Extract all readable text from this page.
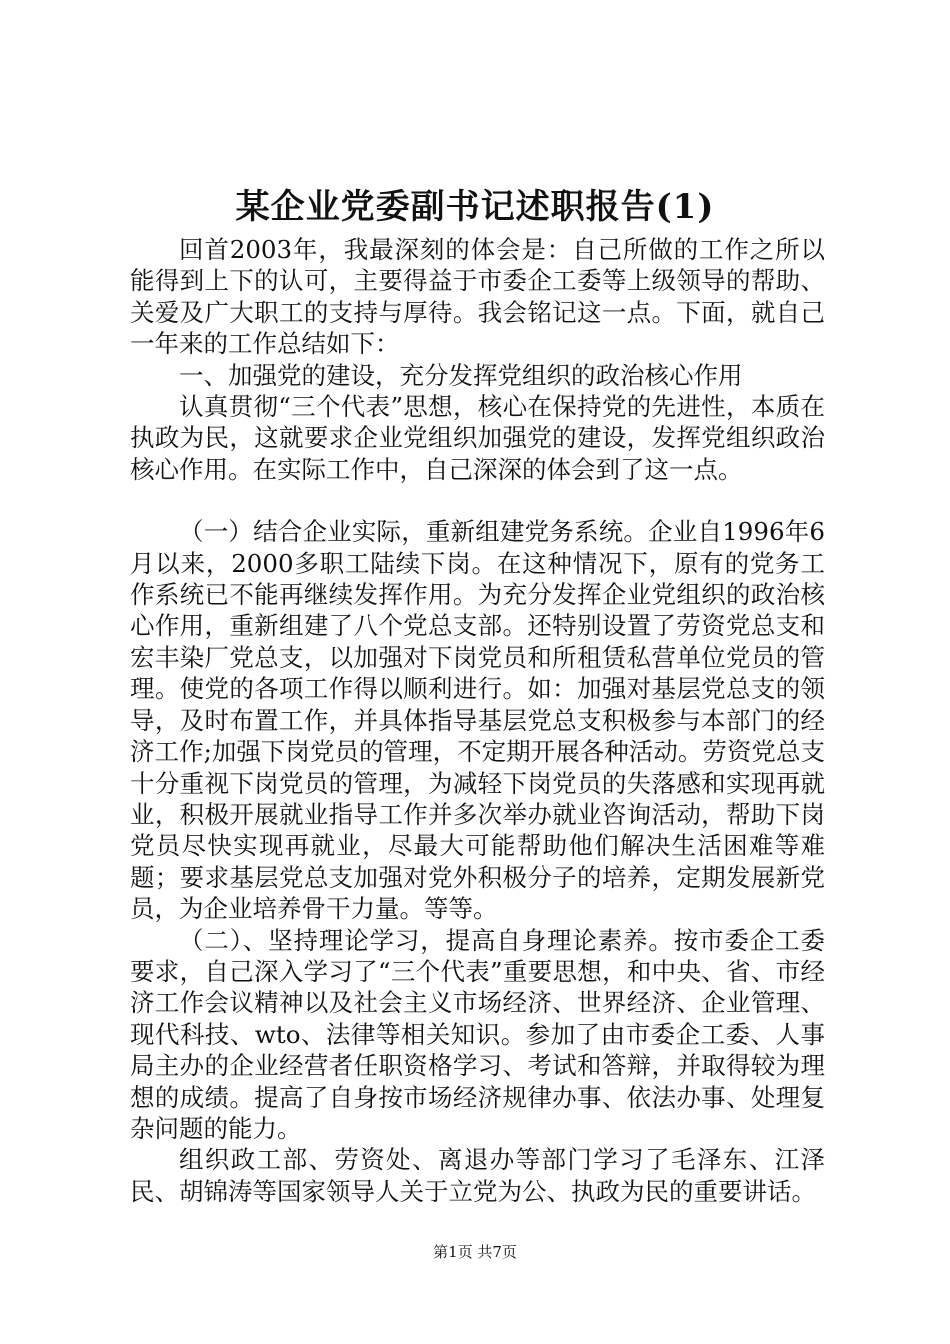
某企业党委副书记述职报告(1)

回首2003年，我最深刻的体会是：自己所做的工作之所以能得到上下的认可，主要得益于市委企工委等上级领导的帮助、关爱及广大职工的支持与厚待。我会铭记这一点。下面，就自己一年来的工作总结如下：

一、加强党的建设，充分发挥党组织的政治核心作用

认真贯彻“三个代表”思想，核心在保持党的先进性，本质在执政为民，这就要求企业党组织加强党的建设，发挥党组织政治核心作用。在实际工作中，自己深深的体会到了这一点。

（一）结合企业实际，重新组建党务系统。企业自1996年6月以来，2000多职工陆续下岗。在这种情况下，原有的党务工作系统已不能再继续发挥作用。为充分发挥企业党组织的政治核心作用，重新组建了八个党总支部。还特别设置了劳资党总支和宏丰染厂党总支，以加强对下岗党员和所租赁私营单位党员的管理。使党的各项工作得以顺利进行。如：加强对基层党总支的领导，及时布置工作，并具体指导基层党总支积极参与本部门的经济工作;加强下岗党员的管理，不定期开展各种活动。劳资党总支十分重视下岗党员的管理，为减轻下岗党员的失落感和实现再就业，积极开展就业指导工作并多次举办就业咨询活动，帮助下岗党员尽快实现再就业，尽最大可能帮助他们解决生活困难等难题；要求基层党总支加强对党外积极分子的培养，定期发展新党员，为企业培养骨干力量。等等。

（二）、坚持理论学习，提高自身理论素养。按市委企工委要求，自己深入学习了“三个代表”重要思想，和中央、省、市经济工作会议精神以及社会主义市场经济、世界经济、企业管理、现代科技、wto、法律等相关知识。参加了由市委企工委、人事局主办的企业经营者任职资格学习、考试和答辩，并取得较为理想的成绩。提高了自身按市场经济规律办事、依法办事、处理复杂问题的能力。

组织政工部、劳资处、离退办等部门学习了毛泽东、江泽民、胡锦涛等国家领导人关于立党为公、执政为民的重要讲话。

第1页 共7页
